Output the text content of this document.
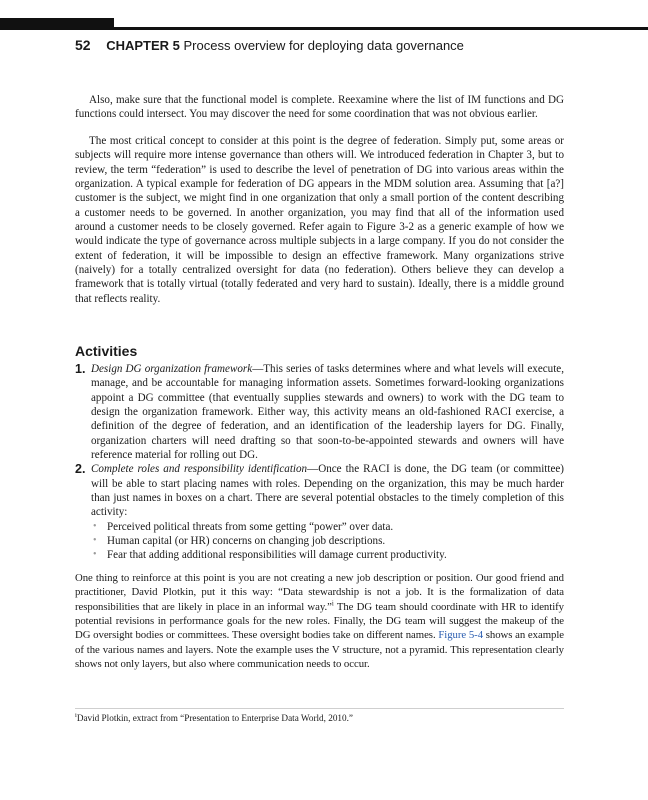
52 CHAPTER 5 Process overview for deploying data governance

Also, make sure that the functional model is complete. Reexamine where the list of IM functions and DG functions could intersect. You may discover the need for some coordination that was not obvious earlier.

The most critical concept to consider at this point is the degree of federation. Simply put, some areas or subjects will require more intense governance than others will. We introduced federation in Chapter 3, but to review, the term “federation” is used to describe the level of penetration of DG into various areas within the organization. A typical example for federation of DG appears in the MDM solution area. Assuming that [a?] customer is the subject, we might find in one organization that only a small portion of the content describing a customer needs to be governed. In another organization, you may find that all of the information used around a customer needs to be closely governed. Refer again to Figure 3-2 as a generic example of how we would indicate the type of governance across multiple subjects in a large company. If you do not consider the extent of federation, it will be impossible to design an effective framework. Many organizations strive (naively) for a totally centralized oversight for data (no federation). Others believe they can develop a framework that is totally virtual (totally federated and very hard to sustain). Ideally, there is a middle ground that reflects reality.

Activities
1. Design DG organization framework—This series of tasks determines where and what levels will execute, manage, and be accountable for managing information assets. Sometimes forward-looking organizations appoint a DG committee (that eventually supplies stewards and owners) to work with the DG team to design the organization framework. Either way, this activity means an old-fashioned RACI exercise, a definition of the degree of federation, and an identification of the leadership layers for DG. Finally, organization charters will need drafting so that soon-to-be-appointed stewards and owners will have reference material for rolling out DG.
2. Complete roles and responsibility identification—Once the RACI is done, the DG team (or committee) will be able to start placing names with roles. Depending on the organization, this may be much harder than just names in boxes on a chart. There are several potential obstacles to the timely completion of this activity:
• Perceived political threats from some getting “power” over data.
• Human capital (or HR) concerns on changing job descriptions.
• Fear that adding additional responsibilities will damage current productivity.

One thing to reinforce at this point is you are not creating a new job description or position. Our good friend and practitioner, David Plotkin, put it this way: “Data stewardship is not a job. It is the formalization of data responsibilities that are likely in place in an informal way.”$^i$ The DG team should coordinate with HR to identify potential revisions in performance goals for the new roles. Finally, the DG team will suggest the makeup of the DG oversight bodies or committees. These oversight bodies take on different names. Figure 5-4 shows an example of the various names and layers. Note the example uses the V structure, not a pyramid. This representation clearly shows not only layers, but also where communication needs to occur.

$^i$David Plotkin, extract from “Presentation to Enterprise Data World, 2010.”
